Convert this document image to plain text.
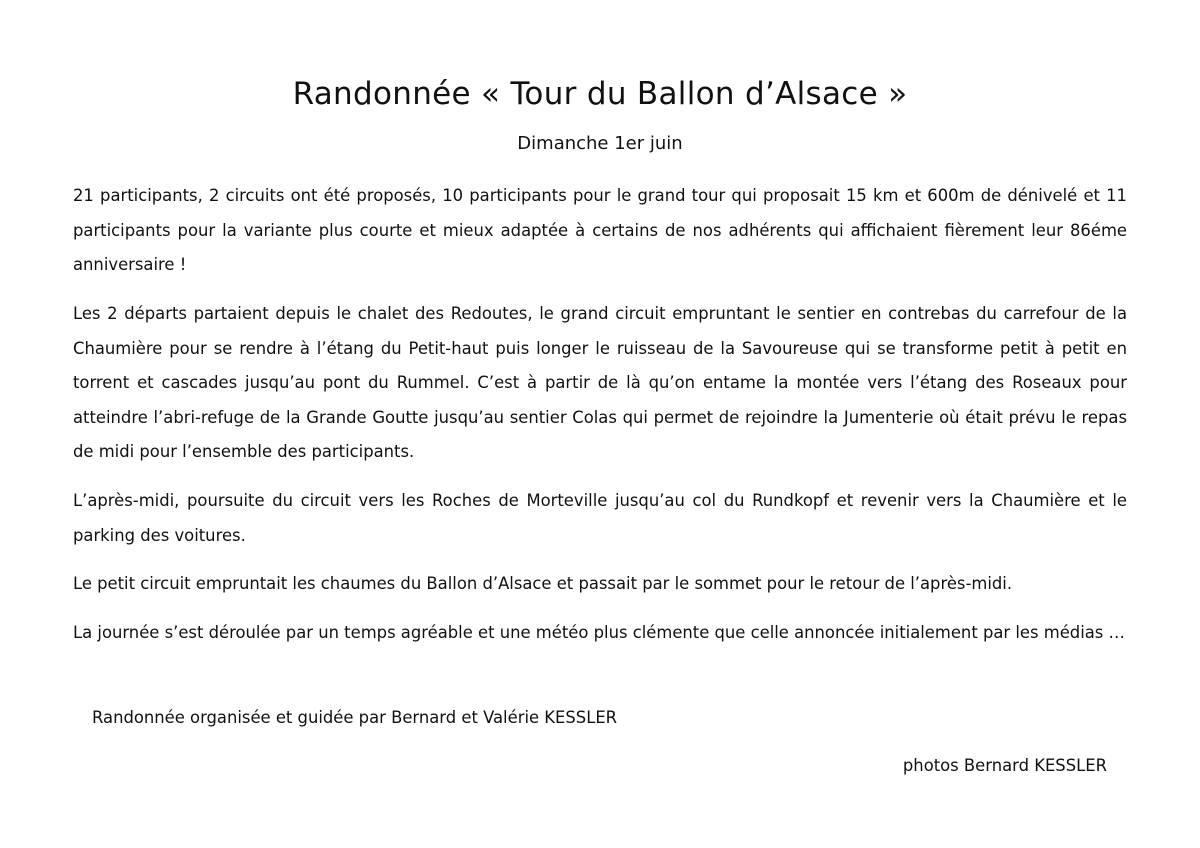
Randonnée « Tour du Ballon d’Alsace »
Dimanche 1er juin

21 participants, 2 circuits ont été proposés, 10 participants pour le grand tour qui proposait 15 km et 600m de dénivelé et 11 participants pour la variante plus courte et mieux adaptée à certains de nos adhérents qui affichaient fièrement leur 86éme anniversaire !

Les 2 départs partaient depuis le chalet des Redoutes, le grand circuit empruntant le sentier en contrebas du carrefour de la Chaumière pour se rendre à l’étang du Petit-haut puis longer le ruisseau de la Savoureuse qui se transforme petit à petit en torrent et cascades jusqu’au pont du Rummel. C’est à partir de là qu’on entame la montée vers l’étang des Roseaux pour atteindre l’abri-refuge de la Grande Goutte jusqu’au sentier Colas qui permet de rejoindre la Jumenterie où était prévu le repas de midi pour l’ensemble des participants.

L’après-midi, poursuite du circuit vers les Roches de Morteville jusqu’au col du Rundkopf et revenir vers la Chaumière et le parking des voitures.

Le petit circuit empruntait les chaumes du Ballon d’Alsace et passait par le sommet pour le retour de l’après-midi.

La journée s’est déroulée par un temps agréable et une météo plus clémente que celle annoncée initialement par les médias …

Randonnée organisée et guidée par Bernard et Valérie KESSLER
photos Bernard KESSLER
